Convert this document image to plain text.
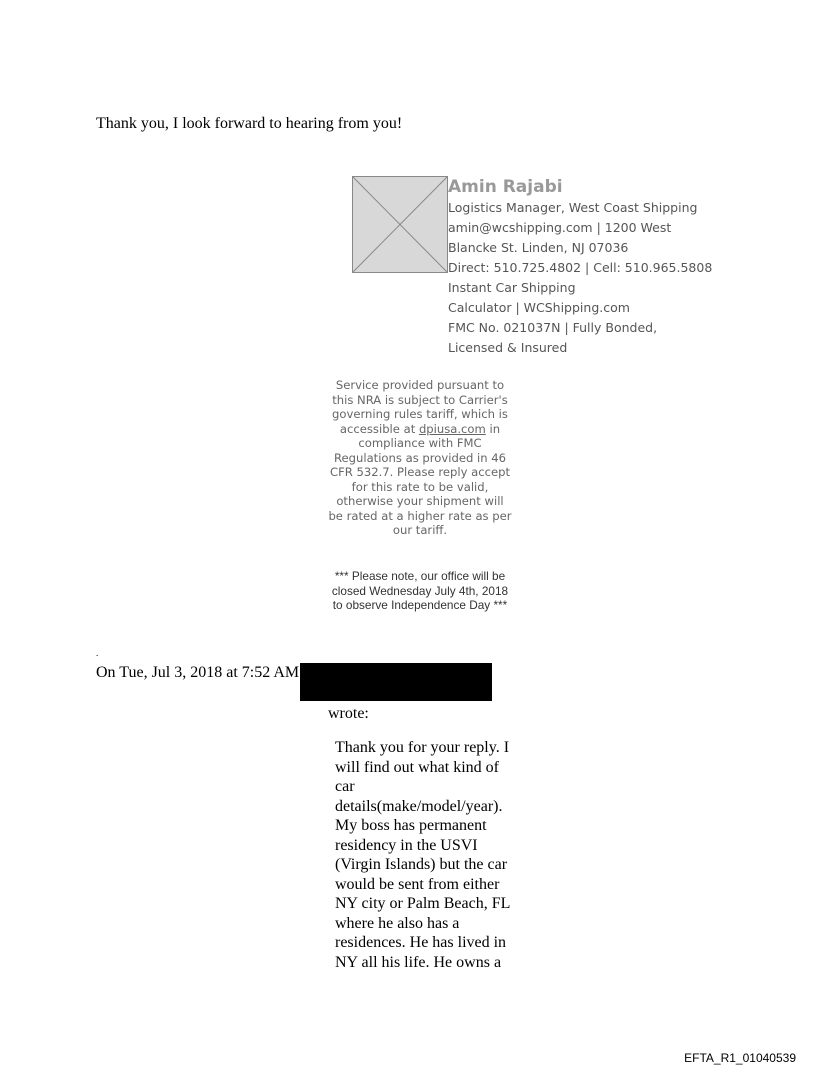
Thank you, I look forward to hearing from you!
Amin Rajabi
Logistics Manager, West Coast Shipping
amin@wcshipping.com | 1200 West
Blancke St. Linden, NJ 07036
Direct: 510.725.4802 | Cell: 510.965.5808
Instant Car Shipping
Calculator | WCShipping.com
FMC No. 021037N | Fully Bonded,
Licensed & Insured
Service provided pursuant to this NRA is subject to Carrier's governing rules tariff, which is accessible at dpiusa.com in compliance with FMC Regulations as provided in 46 CFR 532.7. Please reply accept for this rate to be valid, otherwise your shipment will be rated at a higher rate as per our tariff.
*** Please note, our office will be closed Wednesday July 4th, 2018 to observe Independence Day ***
.
On Tue, Jul 3, 2018 at 7:52 AM
wrote:
Thank you for your reply. I
will find out what kind of
car
details(make/model/year).
My boss has permanent
residency in the USVI
(Virgin Islands) but the car
would be sent from either
NY city or Palm Beach, FL
where he also has a
residences. He has lived in
NY all his life. He owns a
EFTA_R1_01040539
